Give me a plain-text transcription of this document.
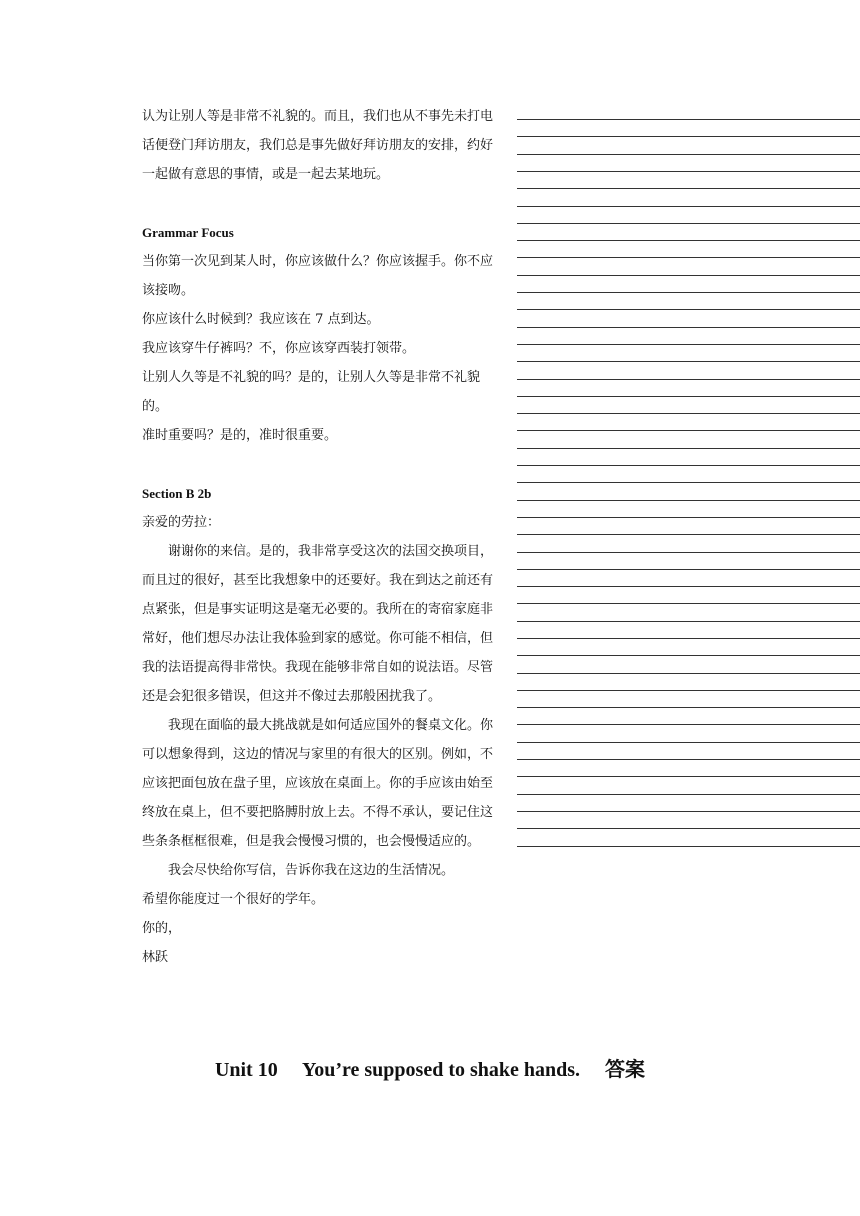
认为让别人等是非常不礼貌的。而且，我们也从不事先未打电话便登门拜访朋友，我们总是事先做好拜访朋友的安排，约好一起做有意思的事情，或是一起去某地玩。

Grammar Focus

当你第一次见到某人时，你应该做什么？你应该握手。你不应该接吻。

你应该什么时候到？我应该在 7 点到达。

我应该穿牛仔裤吗？不，你应该穿西装打领带。

让别人久等是不礼貌的吗？是的，让别人久等是非常不礼貌的。

准时重要吗？是的，准时很重要。

Section B 2b

亲爱的劳拉：

谢谢你的来信。是的，我非常享受这次的法国交换项目，而且过的很好，甚至比我想象中的还要好。我在到达之前还有点紧张，但是事实证明这是毫无必要的。我所在的寄宿家庭非常好，他们想尽办法让我体验到家的感觉。你可能不相信，但我的法语提高得非常快。我现在能够非常自如的说法语。尽管还是会犯很多错误，但这并不像过去那般困扰我了。

我现在面临的最大挑战就是如何适应国外的餐桌文化。你可以想象得到，这边的情况与家里的有很大的区别。例如，不应该把面包放在盘子里，应该放在桌面上。你的手应该由始至终放在桌上，但不要把胳膊肘放上去。不得不承认，要记住这些条条框框很难，但是我会慢慢习惯的，也会慢慢适应的。

我会尽快给你写信，告诉你我在这边的生活情况。

希望你能度过一个很好的学年。

你的，

林跃

Unit 10     You’re supposed to shake hands.     答案
